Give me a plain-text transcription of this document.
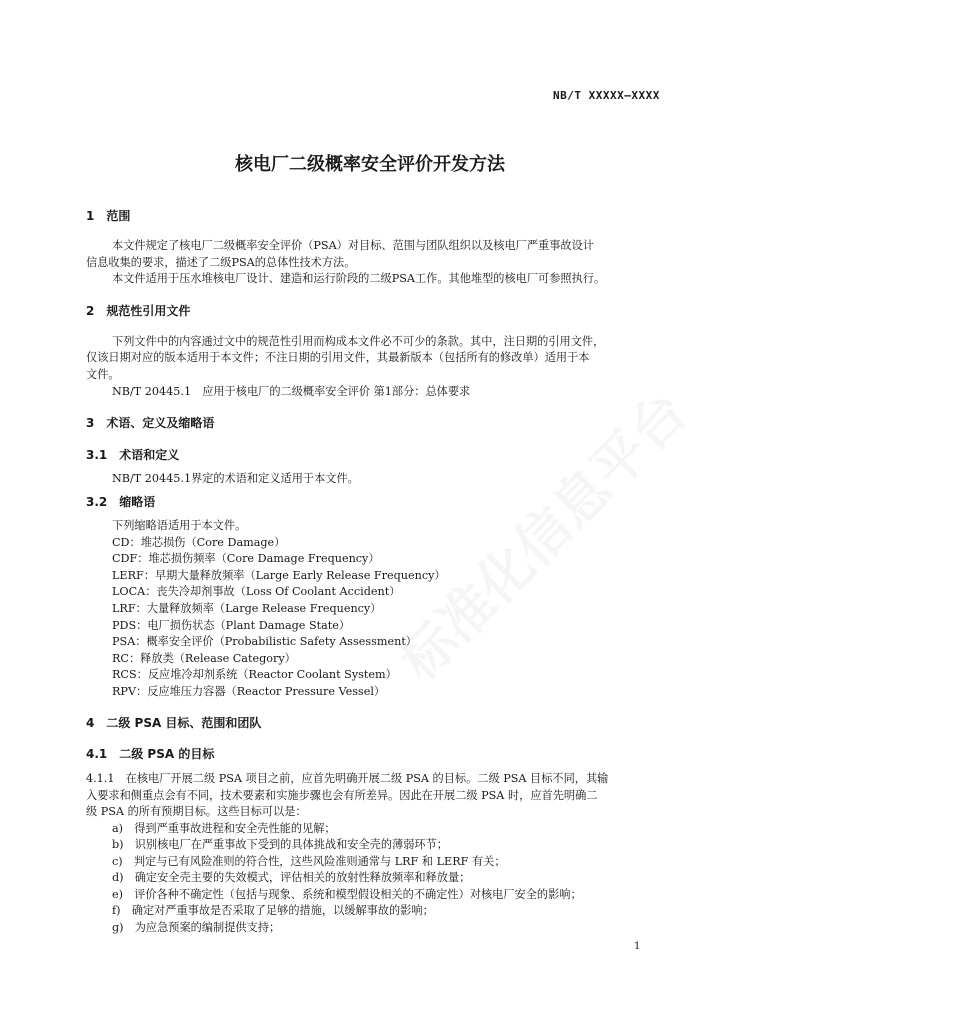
NB/T XXXXX—XXXX
核电厂二级概率安全评价开发方法
1　范围
本文件规定了核电厂二级概率安全评价（PSA）对目标、范围与团队组织以及核电厂严重事故设计
信息收集的要求，描述了二级PSA的总体性技术方法。
本文件适用于压水堆核电厂设计、建造和运行阶段的二级PSA工作。其他堆型的核电厂可参照执行。
2　规范性引用文件
下列文件中的内容通过文中的规范性引用而构成本文件必不可少的条款。其中，注日期的引用文件，
仅该日期对应的版本适用于本文件；不注日期的引用文件，其最新版本（包括所有的修改单）适用于本
文件。
NB/T 20445.1　应用于核电厂的二级概率安全评价 第1部分：总体要求
3　术语、定义及缩略语
3.1　术语和定义
NB/T 20445.1界定的术语和定义适用于本文件。
3.2　缩略语
下列缩略语适用于本文件。
CD：堆芯损伤（Core Damage）
CDF：堆芯损伤频率（Core Damage Frequency）
LERF：早期大量释放频率（Large Early Release Frequency）
LOCA：丧失冷却剂事故（Loss Of Coolant Accident）
LRF：大量释放频率（Large Release Frequency）
PDS：电厂损伤状态（Plant Damage State）
PSA：概率安全评价（Probabilistic Safety Assessment）
RC：释放类（Release Category）
RCS：反应堆冷却剂系统（Reactor Coolant System）
RPV：反应堆压力容器（Reactor Pressure Vessel）
4　二级 PSA 目标、范围和团队
4.1　二级 PSA 的目标
4.1.1　在核电厂开展二级 PSA 项目之前，应首先明确开展二级 PSA 的目标。二级 PSA 目标不同，其输
入要求和侧重点会有不同，技术要素和实施步骤也会有所差异。因此在开展二级 PSA 时，应首先明确二
级 PSA 的所有预期目标。这些目标可以是：
a)　得到严重事故进程和安全壳性能的见解；
b)　识别核电厂在严重事故下受到的具体挑战和安全壳的薄弱环节；
c)　判定与已有风险准则的符合性，这些风险准则通常与 LRF 和 LERF 有关；
d)　确定安全壳主要的失效模式，评估相关的放射性释放频率和释放量；
e)　评价各种不确定性（包括与现象、系统和模型假设相关的不确定性）对核电厂安全的影响；
f)　确定对严重事故是否采取了足够的措施，以缓解事故的影响；
g)　为应急预案的编制提供支持；
1
